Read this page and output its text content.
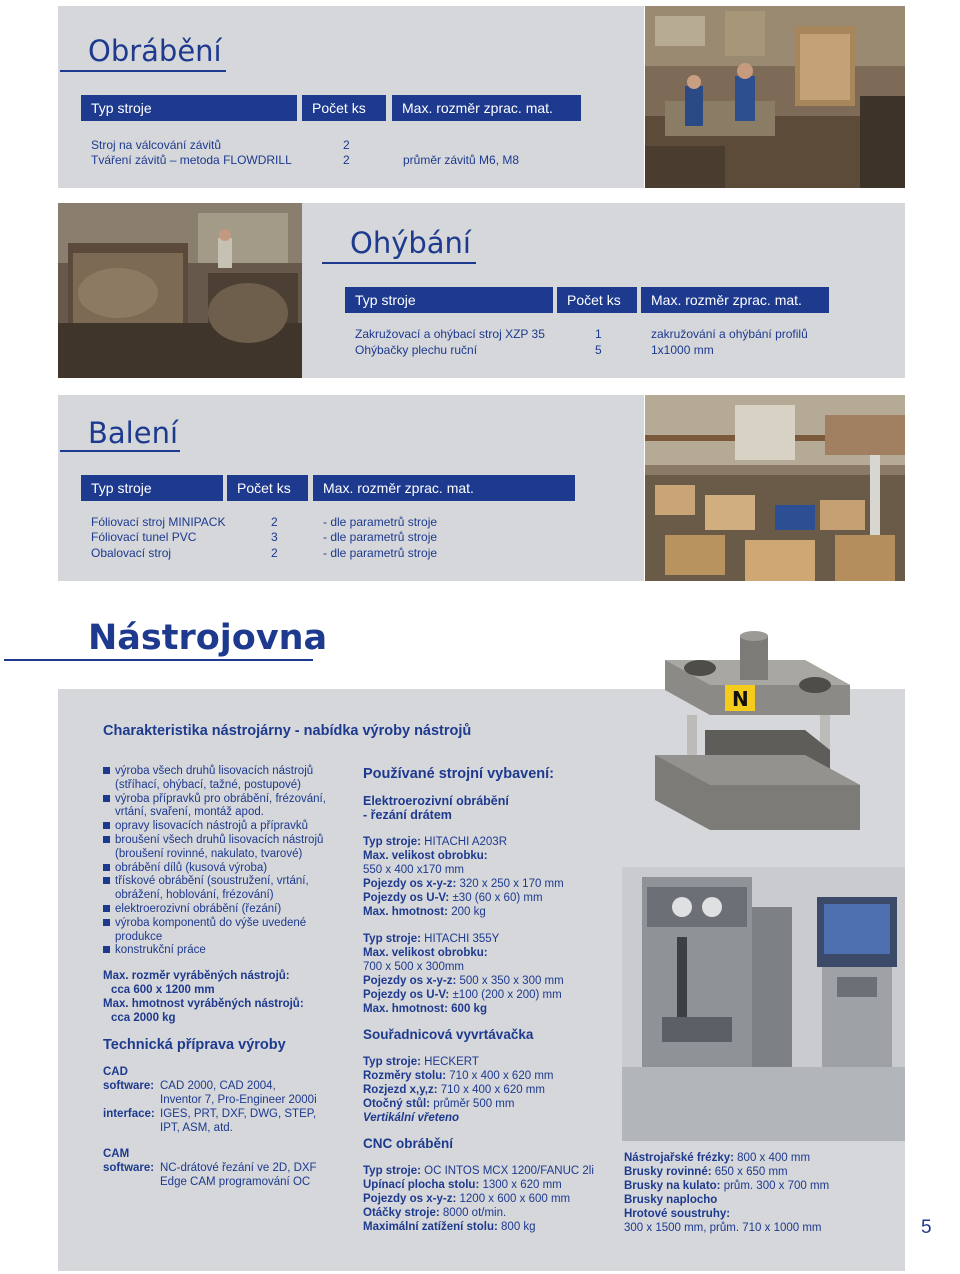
Obrábění
Typ stroje	Počet ks	Max. rozměr zprac. mat.
Stroj na válcování závitů	2
Tváření závitů – metoda FLOWDRILL	2	průměr závitů M6, M8
Ohýbání
Typ stroje	Počet ks	Max. rozměr zprac. mat.
Zakružovací a ohýbací stroj XZP 35	1	zakružování a ohýbání profilů
Ohýbačky plechu ruční	5	1x1000 mm
Balení
Typ stroje	Počet ks	Max. rozměr zprac. mat.
Fóliovací stroj MINIPACK	2	- dle parametrů stroje
Fóliovací tunel PVC	3	- dle parametrů stroje
Obalovací stroj	2	- dle parametrů stroje
Nástrojovna
N
Charakteristika nástrojárny - nabídka výroby nástrojů
výroba všech druhů lisovacích nástrojů
(stříhací, ohýbací, tažné, postupové)
výroba přípravků pro obrábění, frézování,
vrtání, svaření, montáž apod.
opravy lisovacích nástrojů a přípravků
broušení všech druhů lisovacích nástrojů
(broušení rovinné, nakulato, tvarové)
obrábění dílů (kusová výroba)
třískové obrábění (soustružení, vrtání,
obrážení, hoblování, frézování)
elektroerozivní obrábění (řezání)
výroba komponentů do výše uvedené
produkce
konstrukční práce
Max. rozměr vyráběných nástrojů:
cca 600 x 1200 mm
Max. hmotnost vyráběných nástrojů:
cca 2000 kg
Technická příprava výroby
CAD
software: CAD 2000, CAD 2004,
Inventor 7, Pro-Engineer 2000i
interface: IGES, PRT, DXF, DWG, STEP,
IPT, ASM, atd.
CAM
software: NC-drátové řezání ve 2D, DXF
Edge CAM programování OC
Používané strojní vybavení:
Elektroerozivní obrábění
- řezání drátem
Typ stroje: HITACHI A203R
Max. velikost obrobku:
550 x 400 x170 mm
Pojezdy os x-y-z: 320 x 250 x 170 mm
Pojezdy os U-V: ±30 (60 x 60) mm
Max. hmotnost: 200 kg
Typ stroje: HITACHI 355Y
Max. velikost obrobku:
700 x 500 x 300mm
Pojezdy os x-y-z: 500 x 350 x 300 mm
Pojezdy os U-V: ±100 (200 x 200) mm
Max. hmotnost: 600 kg
Souřadnicová vyvrtávačka
Typ stroje: HECKERT
Rozměry stolu: 710 x 400 x 620 mm
Rozjezd x,y,z: 710 x 400 x 620 mm
Otočný stůl: průměr 500 mm
Vertikální vřeteno
CNC obrábění
Typ stroje: OC INTOS MCX 1200/FANUC 2li
Upínací plocha stolu: 1300 x 620 mm
Pojezdy os x-y-z: 1200 x 600 x 600 mm
Otáčky stroje: 8000 ot/min.
Maximální zatížení stolu: 800 kg
Nástrojařské frézky: 800 x 400 mm
Brusky rovinné: 650 x 650 mm
Brusky na kulato: prům. 300 x 700 mm
Brusky naplocho
Hrotové soustruhy:
300 x 1500 mm, prům. 710 x 1000 mm	5
